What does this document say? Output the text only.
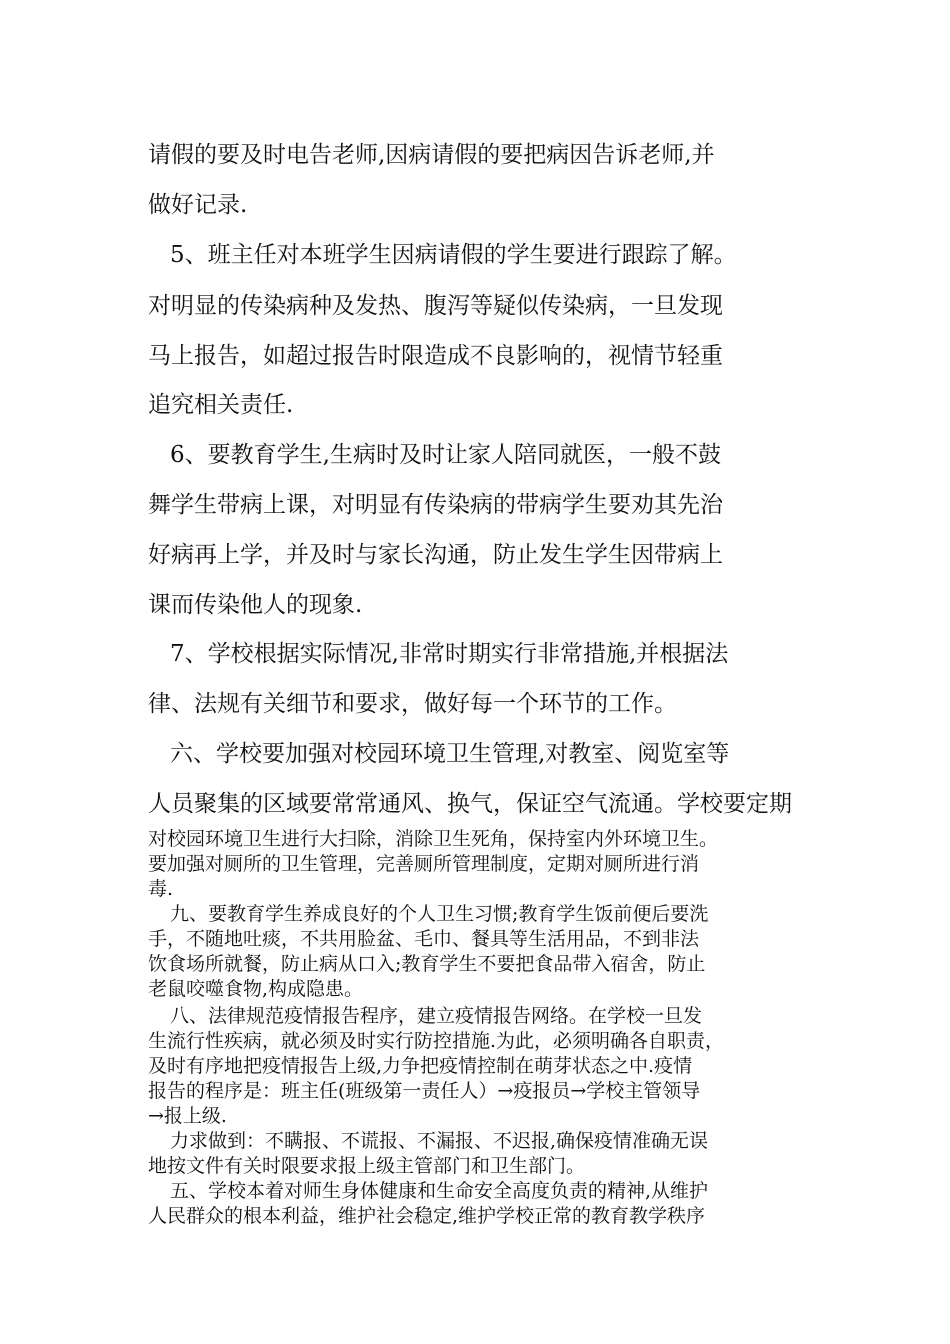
请假的要及时电告老师,因病请假的要把病因告诉老师,并

做好记录.

5、班主任对本班学生因病请假的学生要进行跟踪了解。

对明显的传染病种及发热、腹泻等疑似传染病，一旦发现

马上报告，如超过报告时限造成不良影响的，视情节轻重

追究相关责任.

6、要教育学生,生病时及时让家人陪同就医，一般不鼓

舞学生带病上课，对明显有传染病的带病学生要劝其先治

好病再上学，并及时与家长沟通，防止发生学生因带病上

课而传染他人的现象.

7、学校根据实际情况,非常时期实行非常措施,并根据法

律、法规有关细节和要求，做好每一个环节的工作。

六、学校要加强对校园环境卫生管理,对教室、阅览室等

人员聚集的区域要常常通风、换气，保证空气流通。学校要定期

对校园环境卫生进行大扫除，消除卫生死角，保持室内外环境卫生。

要加强对厕所的卫生管理，完善厕所管理制度，定期对厕所进行消

毒.

九、要教育学生养成良好的个人卫生习惯;教育学生饭前便后要洗

手，不随地吐痰，不共用脸盆、毛巾、餐具等生活用品，不到非法

饮食场所就餐，防止病从口入;教育学生不要把食品带入宿舍，防止

老鼠咬噬食物,构成隐患。

八、法律规范疫情报告程序，建立疫情报告网络。在学校一旦发

生流行性疾病，就必须及时实行防控措施.为此，必须明确各自职责，

及时有序地把疫情报告上级,力争把疫情控制在萌芽状态之中.疫情

报告的程序是：班主任(班级第一责任人）→疫报员→学校主管领导

→报上级.

力求做到：不瞒报、不谎报、不漏报、不迟报,确保疫情准确无误

地按文件有关时限要求报上级主管部门和卫生部门。

五、学校本着对师生身体健康和生命安全高度负责的精神,从维护

人民群众的根本利益，维护社会稳定,维护学校正常的教育教学秩序
